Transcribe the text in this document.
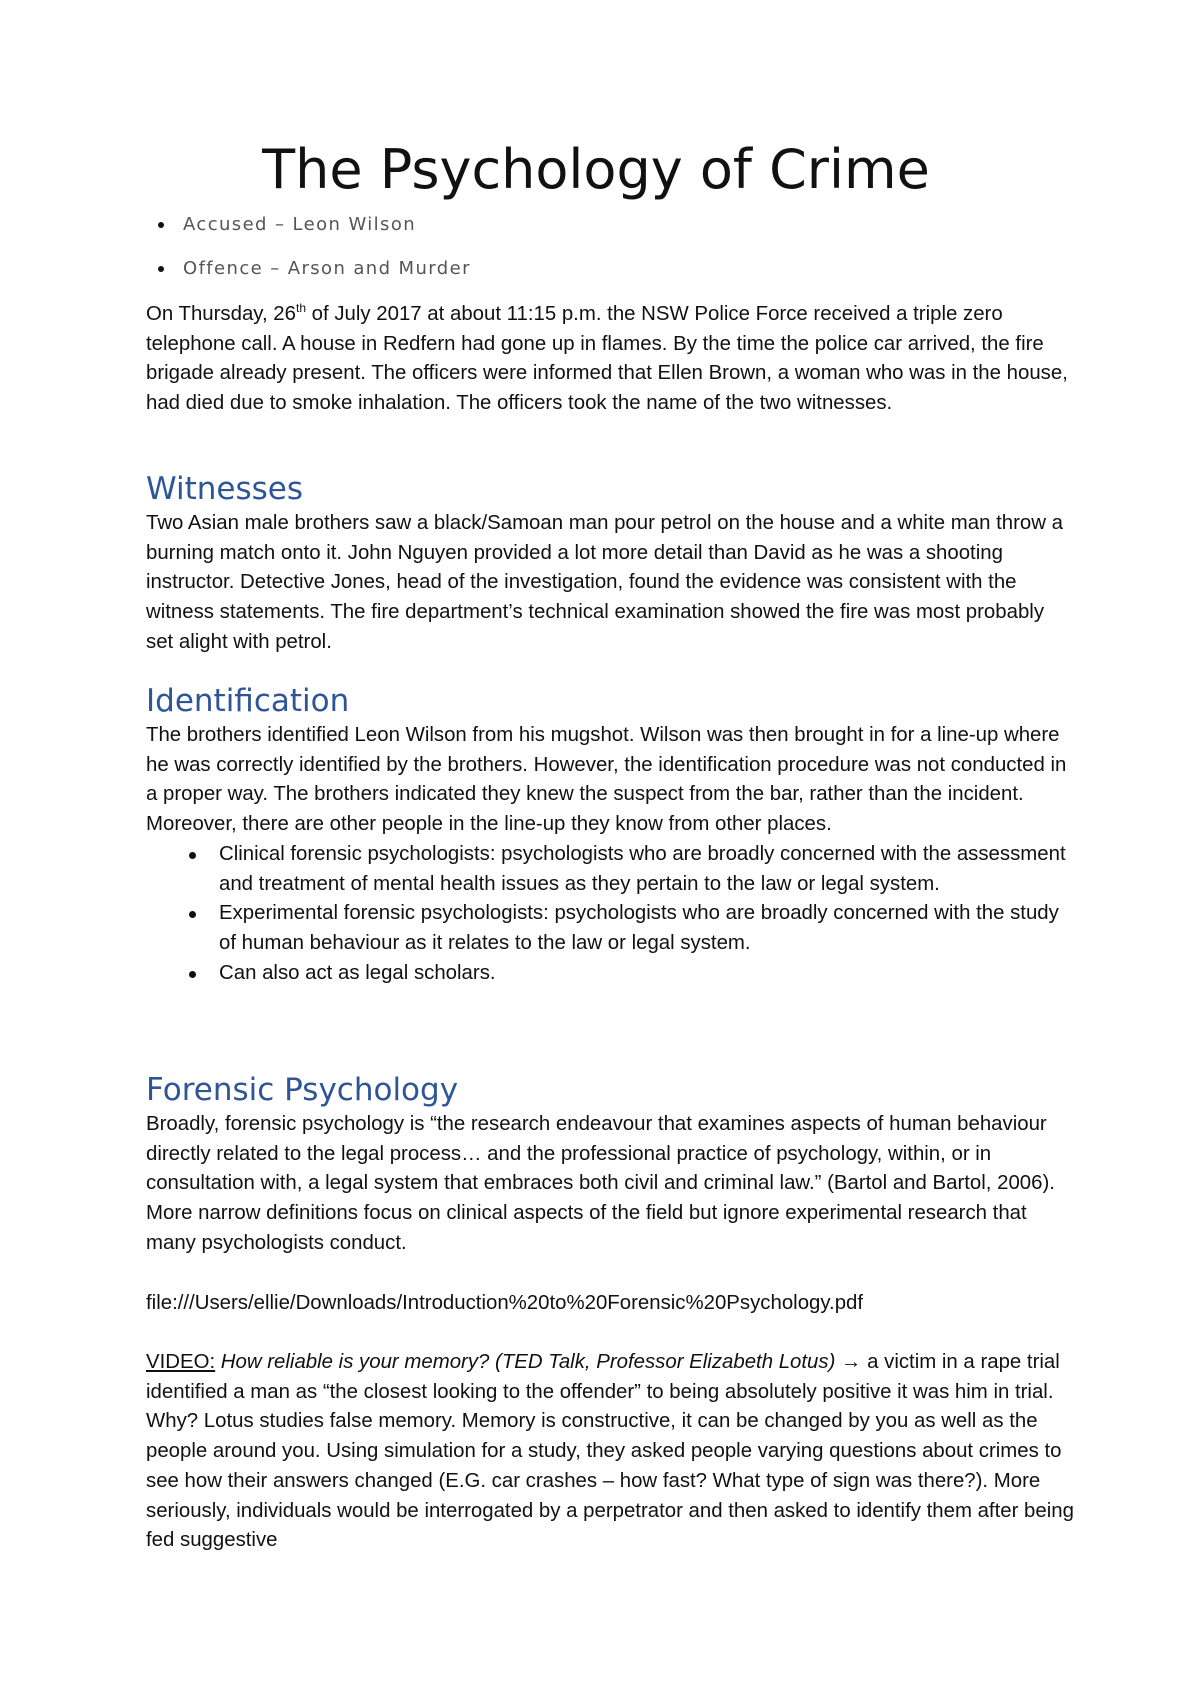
The Psychology of Crime
Accused – Leon Wilson
Offence – Arson and Murder

On Thursday, 26th of July 2017 at about 11:15 p.m. the NSW Police Force received a triple zero telephone call. A house in Redfern had gone up in flames. By the time the police car arrived, the fire brigade already present. The officers were informed that Ellen Brown, a woman who was in the house, had died due to smoke inhalation. The officers took the name of the two witnesses.

Witnesses

Two Asian male brothers saw a black/Samoan man pour petrol on the house and a white man throw a burning match onto it. John Nguyen provided a lot more detail than David as he was a shooting instructor. Detective Jones, head of the investigation, found the evidence was consistent with the witness statements. The fire department’s technical examination showed the fire was most probably set alight with petrol.

Identification

The brothers identified Leon Wilson from his mugshot. Wilson was then brought in for a line-up where he was correctly identified by the brothers. However, the identification procedure was not conducted in a proper way. The brothers indicated they knew the suspect from the bar, rather than the incident. Moreover, there are other people in the line-up they know from other places.

Clinical forensic psychologists: psychologists who are broadly concerned with the assessment and treatment of mental health issues as they pertain to the law or legal system.
Experimental forensic psychologists: psychologists who are broadly concerned with the study of human behaviour as it relates to the law or legal system.
Can also act as legal scholars.
Forensic Psychology

Broadly, forensic psychology is “the research endeavour that examines aspects of human behaviour directly related to the legal process… and the professional practice of psychology, within, or in consultation with, a legal system that embraces both civil and criminal law.” (Bartol and Bartol, 2006). More narrow definitions focus on clinical aspects of the field but ignore experimental research that many psychologists conduct.

file:///Users/ellie/Downloads/Introduction%20to%20Forensic%20Psychology.pdf

VIDEO: How reliable is your memory? (TED Talk, Professor Elizabeth Lotus) → a victim in a rape trial identified a man as “the closest looking to the offender” to being absolutely positive it was him in trial. Why? Lotus studies false memory. Memory is constructive, it can be changed by you as well as the people around you. Using simulation for a study, they asked people varying questions about crimes to see how their answers changed (E.G. car crashes – how fast? What type of sign was there?). More seriously, individuals would be interrogated by a perpetrator and then asked to identify them after being fed suggestive
